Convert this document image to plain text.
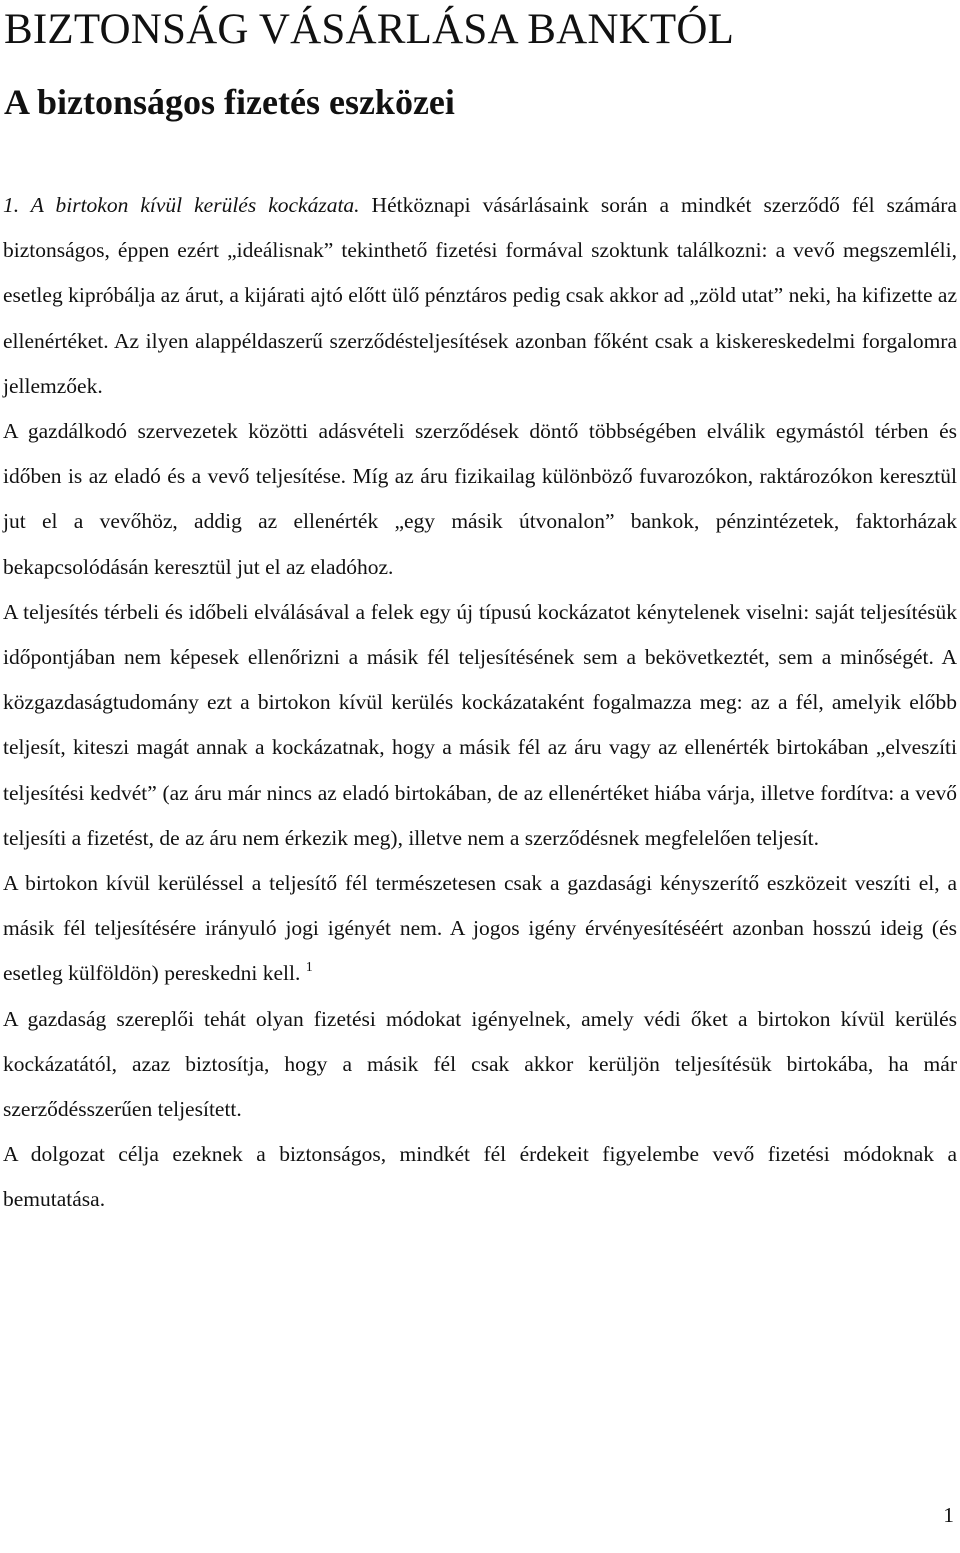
BIZTONSÁG VÁSÁRLÁSA BANKTÓL
A biztonságos fizetés eszközei

1. A birtokon kívül kerülés kockázata. Hétköznapi vásárlásaink során a mindkét szerződő fél számára biztonságos, éppen ezért „ideálisnak” tekinthető fizetési formával szoktunk találkozni: a vevő megszemléli, esetleg kipróbálja az árut, a kijárati ajtó előtt ülő pénztáros pedig csak akkor ad „zöld utat” neki, ha kifizette az ellenértéket. Az ilyen alappéldaszerű szerződésteljesítések azonban főként csak a kiskereskedelmi forgalomra jellemzőek.

A gazdálkodó szervezetek közötti adásvételi szerződések döntő többségében elválik egymástól térben és időben is az eladó és a vevő teljesítése. Míg az áru fizikailag különböző fuvarozókon, raktározókon keresztül jut el a vevőhöz, addig az ellenérték „egy másik útvonalon” bankok, pénzintézetek, faktorházak bekapcsolódásán keresztül jut el az eladóhoz.

A teljesítés térbeli és időbeli elválásával a felek egy új típusú kockázatot kénytelenek viselni: saját teljesítésük időpontjában nem képesek ellenőrizni a másik fél teljesítésének sem a bekövetkeztét, sem a minőségét. A közgazdaságtudomány ezt a birtokon kívül kerülés kockázataként fogalmazza meg: az a fél, amelyik előbb teljesít, kiteszi magát annak a kockázatnak, hogy a másik fél az áru vagy az ellenérték birtokában „elveszíti teljesítési kedvét” (az áru már nincs az eladó birtokában, de az ellenértéket hiába várja, illetve fordítva: a vevő teljesíti a fizetést, de az áru nem érkezik meg), illetve nem a szerződésnek megfelelően teljesít.

A birtokon kívül kerüléssel a teljesítő fél természetesen csak a gazdasági kényszerítő eszközeit veszíti el, a másik fél teljesítésére irányuló jogi igényét nem. A jogos igény érvényesítéséért azonban hosszú ideig (és esetleg külföldön) pereskedni kell. $^1$

A gazdaság szereplői tehát olyan fizetési módokat igényelnek, amely védi őket a birtokon kívül kerülés kockázatától, azaz biztosítja, hogy a másik fél csak akkor kerüljön teljesítésük birtokába, ha már szerződésszerűen teljesített.

A dolgozat célja ezeknek a biztonságos, mindkét fél érdekeit figyelembe vevő fizetési módoknak a bemutatása.

1
